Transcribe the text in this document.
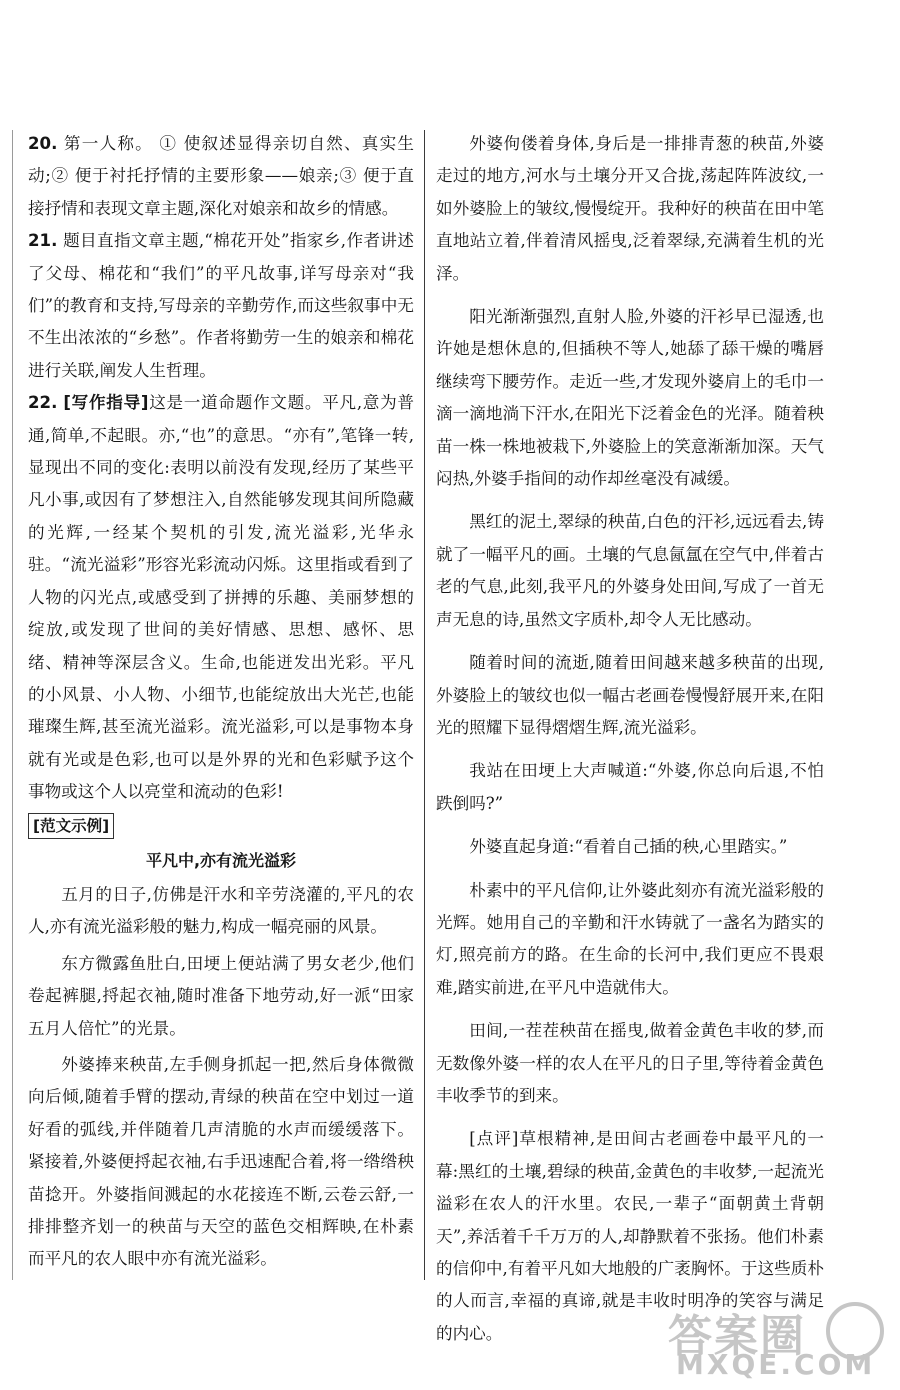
20. 第一人称。 ① 使叙述显得亲切自然、真实生动;② 便于衬托抒情的主要形象——娘亲;③ 便于直接抒情和表现文章主题,深化对娘亲和故乡的情感。

21. 题目直指文章主题,“棉花开处”指家乡,作者讲述了父母、棉花和“我们”的平凡故事,详写母亲对“我们”的教育和支持,写母亲的辛勤劳作,而这些叙事中无不生出浓浓的“乡愁”。作者将勤劳一生的娘亲和棉花进行关联,阐发人生哲理。

22. [写作指导]这是一道命题作文题。平凡,意为普通,简单,不起眼。亦,“也”的意思。“亦有”,笔锋一转,显现出不同的变化:表明以前没有发现,经历了某些平凡小事,或因有了梦想注入,自然能够发现其间所隐藏的光辉,一经某个契机的引发,流光溢彩,光华永驻。“流光溢彩”形容光彩流动闪烁。这里指或看到了人物的闪光点,或感受到了拼搏的乐趣、美丽梦想的绽放,或发现了世间的美好情感、思想、感怀、思绪、精神等深层含义。生命,也能迸发出光彩。平凡的小风景、小人物、小细节,也能绽放出大光芒,也能璀璨生辉,甚至流光溢彩。流光溢彩,可以是事物本身就有光或是色彩,也可以是外界的光和色彩赋予这个事物或这个人以亮堂和流动的色彩!

[范文示例]

平凡中,亦有流光溢彩

五月的日子,仿佛是汗水和辛劳浇灌的,平凡的农人,亦有流光溢彩般的魅力,构成一幅亮丽的风景。

东方微露鱼肚白,田埂上便站满了男女老少,他们卷起裤腿,捋起衣袖,随时准备下地劳动,好一派“田家五月人倍忙”的光景。

外婆捧来秧苗,左手侧身抓起一把,然后身体微微向后倾,随着手臂的摆动,青绿的秧苗在空中划过一道好看的弧线,并伴随着几声清脆的水声而缓缓落下。紧接着,外婆便捋起衣袖,右手迅速配合着,将一绺绺秧苗捻开。外婆指间溅起的水花接连不断,云卷云舒,一排排整齐划一的秧苗与天空的蓝色交相辉映,在朴素而平凡的农人眼中亦有流光溢彩。

外婆佝偻着身体,身后是一排排青葱的秧苗,外婆走过的地方,河水与土壤分开又合拢,荡起阵阵波纹,一如外婆脸上的皱纹,慢慢绽开。我种好的秧苗在田中笔直地站立着,伴着清风摇曳,泛着翠绿,充满着生机的光泽。

阳光渐渐强烈,直射人脸,外婆的汗衫早已湿透,也许她是想休息的,但插秧不等人,她舔了舔干燥的嘴唇继续弯下腰劳作。走近一些,才发现外婆肩上的毛巾一滴一滴地淌下汗水,在阳光下泛着金色的光泽。随着秧苗一株一株地被栽下,外婆脸上的笑意渐渐加深。天气闷热,外婆手指间的动作却丝毫没有减缓。

黑红的泥土,翠绿的秧苗,白色的汗衫,远远看去,铸就了一幅平凡的画。土壤的气息氤氲在空气中,伴着古老的气息,此刻,我平凡的外婆身处田间,写成了一首无声无息的诗,虽然文字质朴,却令人无比感动。

随着时间的流逝,随着田间越来越多秧苗的出现,外婆脸上的皱纹也似一幅古老画卷慢慢舒展开来,在阳光的照耀下显得熠熠生辉,流光溢彩。

我站在田埂上大声喊道:“外婆,你总向后退,不怕跌倒吗?”

外婆直起身道:“看着自己插的秧,心里踏实。”

朴素中的平凡信仰,让外婆此刻亦有流光溢彩般的光辉。她用自己的辛勤和汗水铸就了一盏名为踏实的灯,照亮前方的路。在生命的长河中,我们更应不畏艰难,踏实前进,在平凡中造就伟大。

田间,一茬茬秧苗在摇曳,做着金黄色丰收的梦,而无数像外婆一样的农人在平凡的日子里,等待着金黄色丰收季节的到来。

[点评]草根精神,是田间古老画卷中最平凡的一幕:黑红的土壤,碧绿的秧苗,金黄色的丰收梦,一起流光溢彩在农人的汗水里。农民,一辈子“面朝黄土背朝天”,养活着千千万万的人,却静默着不张扬。他们朴素的信仰中,有着平凡如大地般的广袤胸怀。于这些质朴的人而言,幸福的真谛,就是丰收时明净的笑容与满足的内心。	答案圈
MXQE.COM
